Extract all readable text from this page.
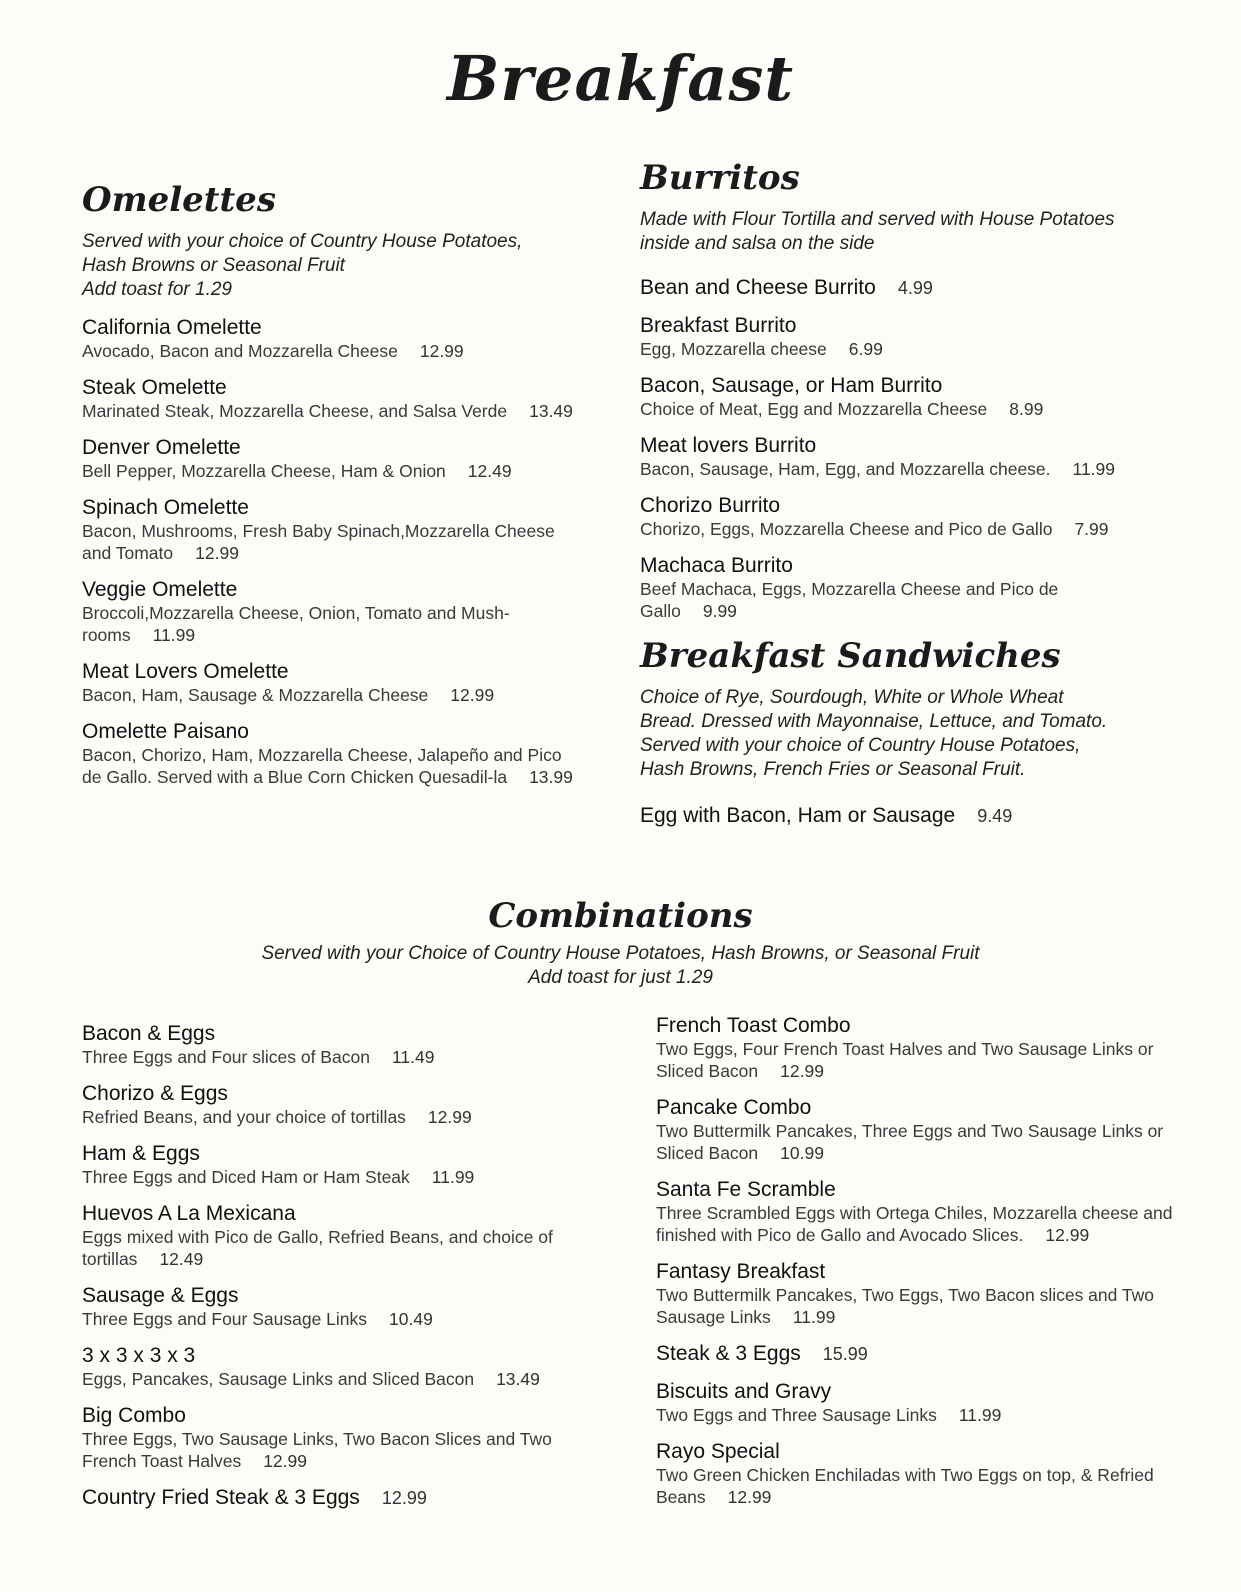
Breakfast
Omelettes
Served with your choice of Country House Potatoes,
Hash Browns or Seasonal Fruit
Add toast for 1.29
California Omelette
Avocado, Bacon and Mozzarella Cheese 12.99
Steak Omelette
Marinated Steak, Mozzarella Cheese, and Salsa Verde 13.49
Denver Omelette
Bell Pepper, Mozzarella Cheese, Ham & Onion 12.49
Spinach Omelette
Bacon, Mushrooms, Fresh Baby Spinach,Mozzarella Cheese and Tomato 12.99
Veggie Omelette
Broccoli,Mozzarella Cheese, Onion, Tomato and Mush-rooms 11.99
Meat Lovers Omelette
Bacon, Ham, Sausage & Mozzarella Cheese 12.99
Omelette Paisano
Bacon, Chorizo, Ham, Mozzarella Cheese, Jalapeño and Pico de Gallo. Served with a Blue Corn Chicken Quesadil-la 13.99
Burritos
Made with Flour Tortilla and served with House Potatoes
inside and salsa on the side
Bean and Cheese Burrito 4.99
Breakfast Burrito
Egg, Mozzarella cheese 6.99
Bacon, Sausage, or Ham Burrito
Choice of Meat, Egg and Mozzarella Cheese 8.99
Meat lovers Burrito
Bacon, Sausage, Ham, Egg, and Mozzarella cheese. 11.99
Chorizo Burrito
Chorizo, Eggs, Mozzarella Cheese and Pico de Gallo 7.99
Machaca Burrito
Beef Machaca, Eggs, Mozzarella Cheese and Pico de Gallo 9.99
Breakfast Sandwiches
Choice of Rye, Sourdough, White or Whole Wheat
Bread. Dressed with Mayonnaise, Lettuce, and Tomato.
Served with your choice of Country House Potatoes,
Hash Browns, French Fries or Seasonal Fruit.
Egg with Bacon, Ham or Sausage 9.49
Combinations
Served with your Choice of Country House Potatoes, Hash Browns, or Seasonal Fruit
Add toast for just 1.29
Bacon & Eggs
Three Eggs and Four slices of Bacon 11.49
Chorizo & Eggs
Refried Beans, and your choice of tortillas 12.99
Ham & Eggs
Three Eggs and Diced Ham or Ham Steak 11.99
Huevos A La Mexicana
Eggs mixed with Pico de Gallo, Refried Beans, and choice of tortillas 12.49
Sausage & Eggs
Three Eggs and Four Sausage Links 10.49
3 x 3 x 3 x 3
Eggs, Pancakes, Sausage Links and Sliced Bacon 13.49
Big Combo
Three Eggs, Two Sausage Links, Two Bacon Slices and Two French Toast Halves 12.99
Country Fried Steak & 3 Eggs 12.99
French Toast Combo
Two Eggs, Four French Toast Halves and Two Sausage Links or Sliced Bacon 12.99
Pancake Combo
Two Buttermilk Pancakes, Three Eggs and Two Sausage Links or Sliced Bacon 10.99
Santa Fe Scramble
Three Scrambled Eggs with Ortega Chiles, Mozzarella cheese and finished with Pico de Gallo and Avocado Slices. 12.99
Fantasy Breakfast
Two Buttermilk Pancakes, Two Eggs, Two Bacon slices and Two Sausage Links 11.99
Steak & 3 Eggs 15.99
Biscuits and Gravy
Two Eggs and Three Sausage Links 11.99
Rayo Special
Two Green Chicken Enchiladas with Two Eggs on top, & Refried Beans 12.99
